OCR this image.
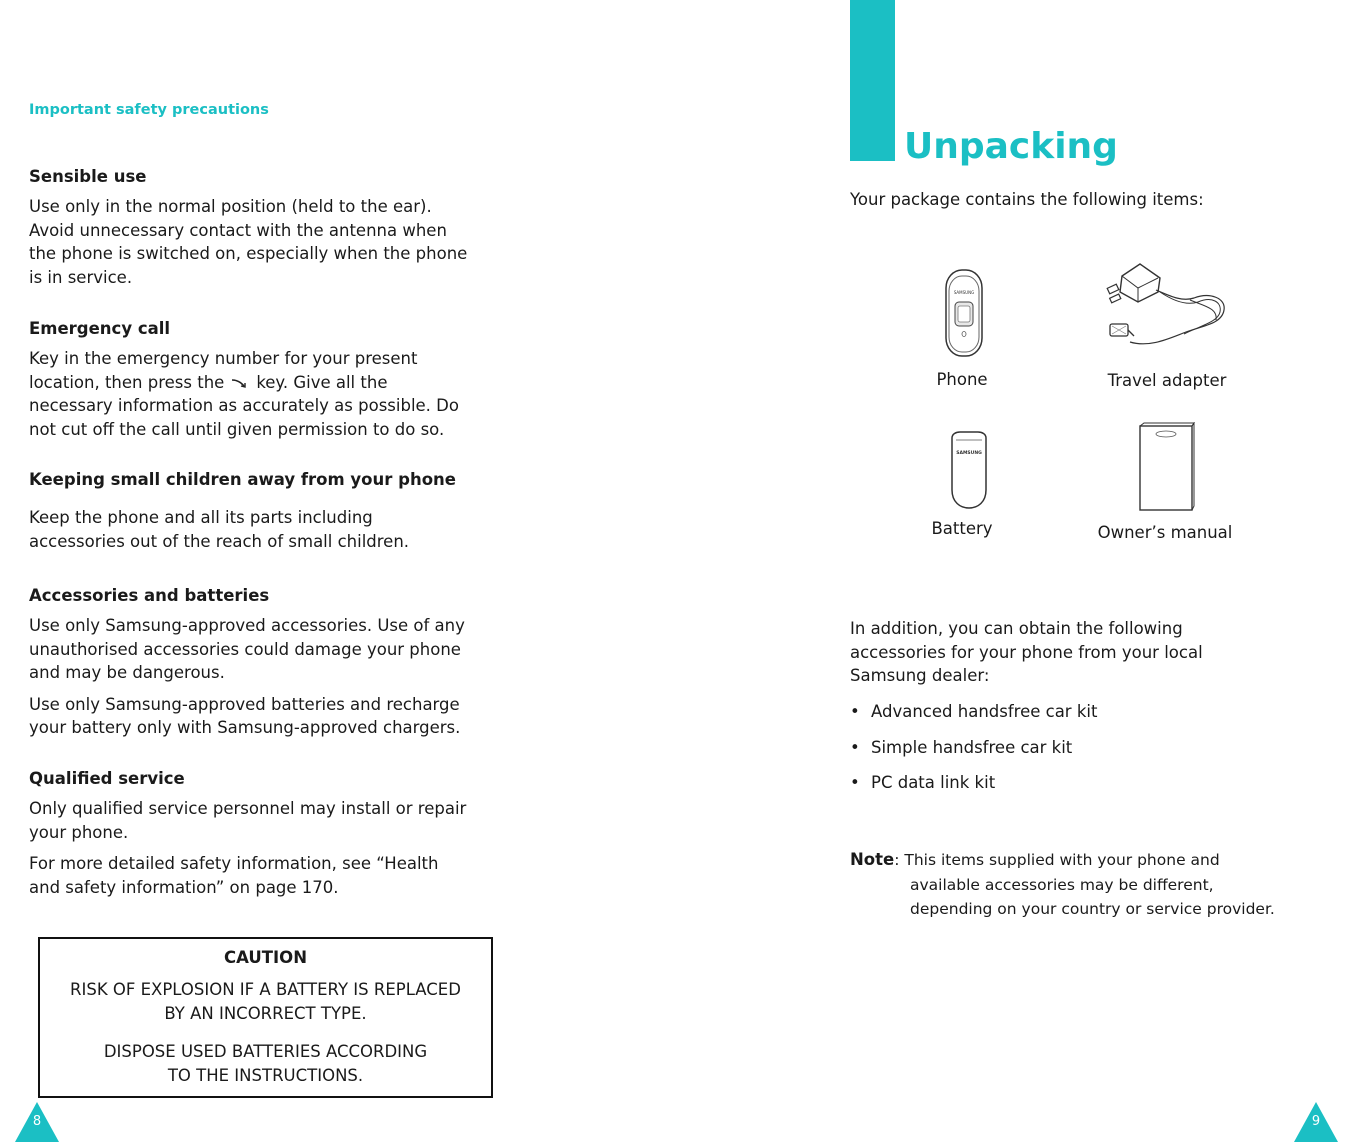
Important safety precautions
Sensible use

Use only in the normal position (held to the ear).
Avoid unnecessary contact with the antenna when
the phone is switched on, especially when the phone
is in service.

Emergency call

Key in the emergency number for your present
location, then press the key. Give all the
necessary information as accurately as possible. Do
not cut off the call until given permission to do so.

Keeping small children away from your phone

Keep the phone and all its parts including
accessories out of the reach of small children.

Accessories and batteries

Use only Samsung-approved accessories. Use of any
unauthorised accessories could damage your phone
and may be dangerous.

Use only Samsung-approved batteries and recharge
your battery only with Samsung-approved chargers.

Qualified service

Only qualified service personnel may install or repair
your phone.

For more detailed safety information, see “Health
and safety information” on page 170.

CAUTION
RISK OF EXPLOSION IF A BATTERY IS REPLACED
BY AN INCORRECT TYPE.
DISPOSE USED BATTERIES ACCORDING
TO THE INSTRUCTIONS.
8
Unpacking
Your package contains the following items:
SAMSUNG
Phone	Travel adapter
SAMSUNG
Battery	Owner’s manual
In addition, you can obtain the following
accessories for your phone from your local
Samsung dealer:
• Advanced handsfree car kit
• Simple handsfree car kit
• PC data link kit
Note: This items supplied with your phone and
available accessories may be different,
depending on your country or service provider.
9
